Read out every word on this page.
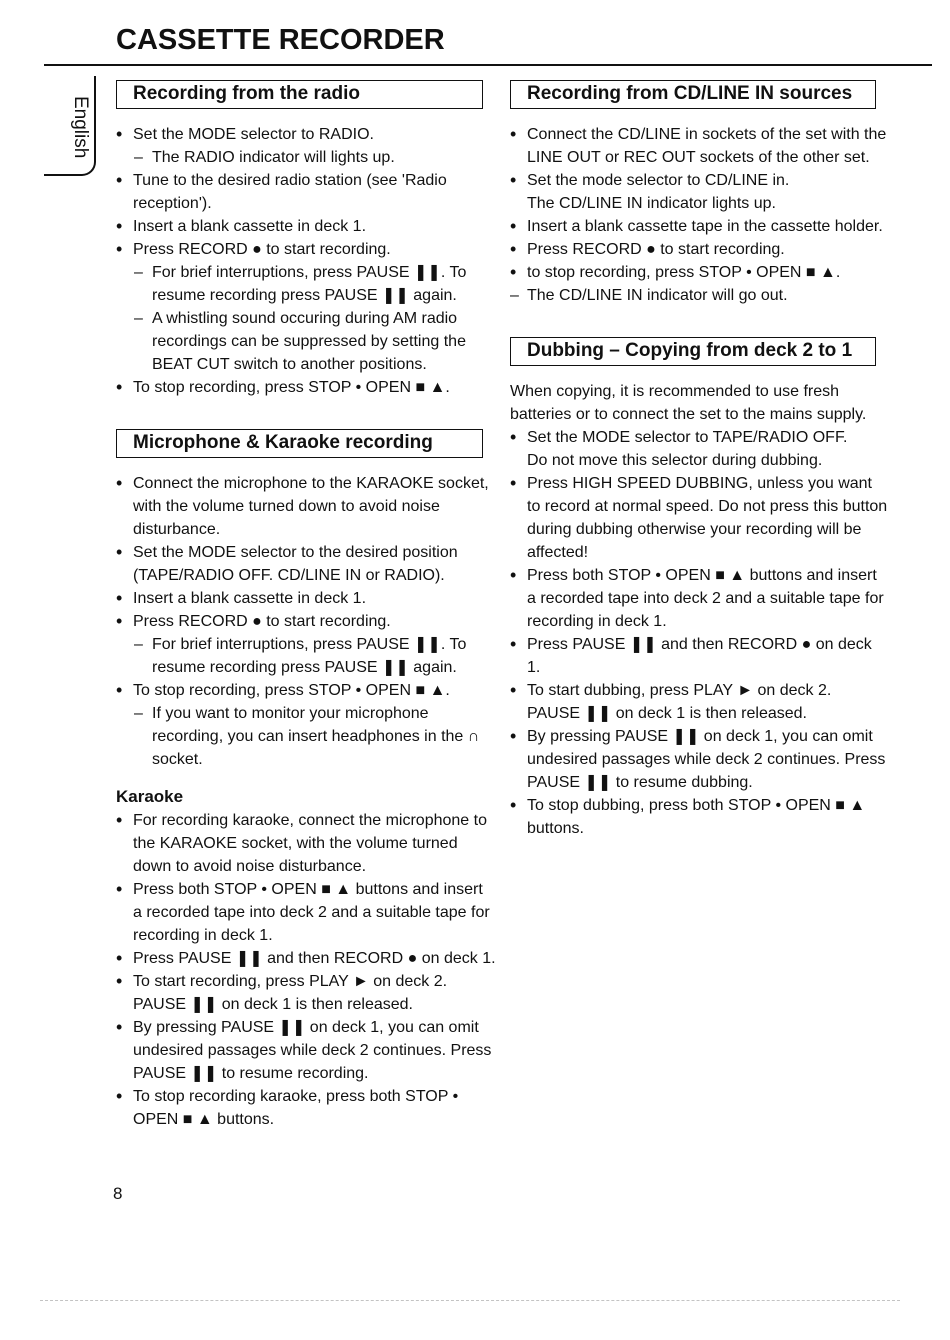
CASSETTE RECORDER
English
Recording from the radio
• Set the MODE selector to RADIO.
– The RADIO indicator will lights up.
• Tune to the desired radio station (see 'Radio reception').
• Insert a blank cassette in deck 1.
• Press RECORD ● to start recording.
– For brief interruptions, press PAUSE ❚❚. To resume recording press PAUSE ❚❚ again.
– A whistling sound occuring during AM radio recordings can be suppressed by setting the BEAT CUT switch to another positions.
• To stop recording, press STOP • OPEN ■ ▲.
Microphone & Karaoke recording
• Connect the microphone to the KARAOKE socket, with the volume turned down to avoid noise disturbance.
• Set the MODE selector to the desired position (TAPE/RADIO OFF. CD/LINE IN or RADIO).
• Insert a blank cassette in deck 1.
• Press RECORD ● to start recording.
– For brief interruptions, press PAUSE ❚❚. To resume recording press PAUSE ❚❚ again.
• To stop recording, press STOP • OPEN ■ ▲.
– If you want to monitor your microphone recording, you can insert headphones in the ∩ socket.
Karaoke
• For recording karaoke, connect the microphone to the KARAOKE socket, with the volume turned down to avoid noise disturbance.
• Press both STOP • OPEN ■ ▲ buttons and insert a recorded tape into deck 2 and a suitable tape for recording in deck 1.
• Press PAUSE ❚❚ and then RECORD ● on deck 1.
• To start recording, press PLAY ► on deck 2. PAUSE ❚❚ on deck 1 is then released.
• By pressing PAUSE ❚❚ on deck 1, you can omit undesired passages while deck 2 continues. Press PAUSE ❚❚ to resume recording.
• To stop recording karaoke, press both STOP • OPEN ■ ▲ buttons.
Recording from CD/LINE IN sources
• Connect the CD/LINE in sockets of the set with the LINE OUT or REC OUT sockets of the other set.
• Set the mode selector to CD/LINE in.
The CD/LINE IN indicator lights up.
• Insert a blank cassette tape in the cassette holder.
• Press RECORD ● to start recording.
• to stop recording, press STOP • OPEN ■ ▲.
– The CD/LINE IN indicator will go out.
Dubbing – Copying from deck 2 to 1

When copying, it is recommended to use fresh batteries or to connect the set to the mains supply.

• Set the MODE selector to TAPE/RADIO OFF.
Do not move this selector during dubbing.
• Press HIGH SPEED DUBBING, unless you want to record at normal speed. Do not press this button during dubbing otherwise your recording will be affected!
• Press both STOP • OPEN ■ ▲ buttons and insert a recorded tape into deck 2 and a suitable tape for recording in deck 1.
• Press PAUSE ❚❚ and then RECORD ● on deck 1.
• To start dubbing, press PLAY ► on deck 2. PAUSE ❚❚ on deck 1 is then released.
• By pressing PAUSE ❚❚ on deck 1, you can omit undesired passages while deck 2 continues. Press PAUSE ❚❚ to resume dubbing.
• To stop dubbing, press both STOP • OPEN ■ ▲ buttons.
8
